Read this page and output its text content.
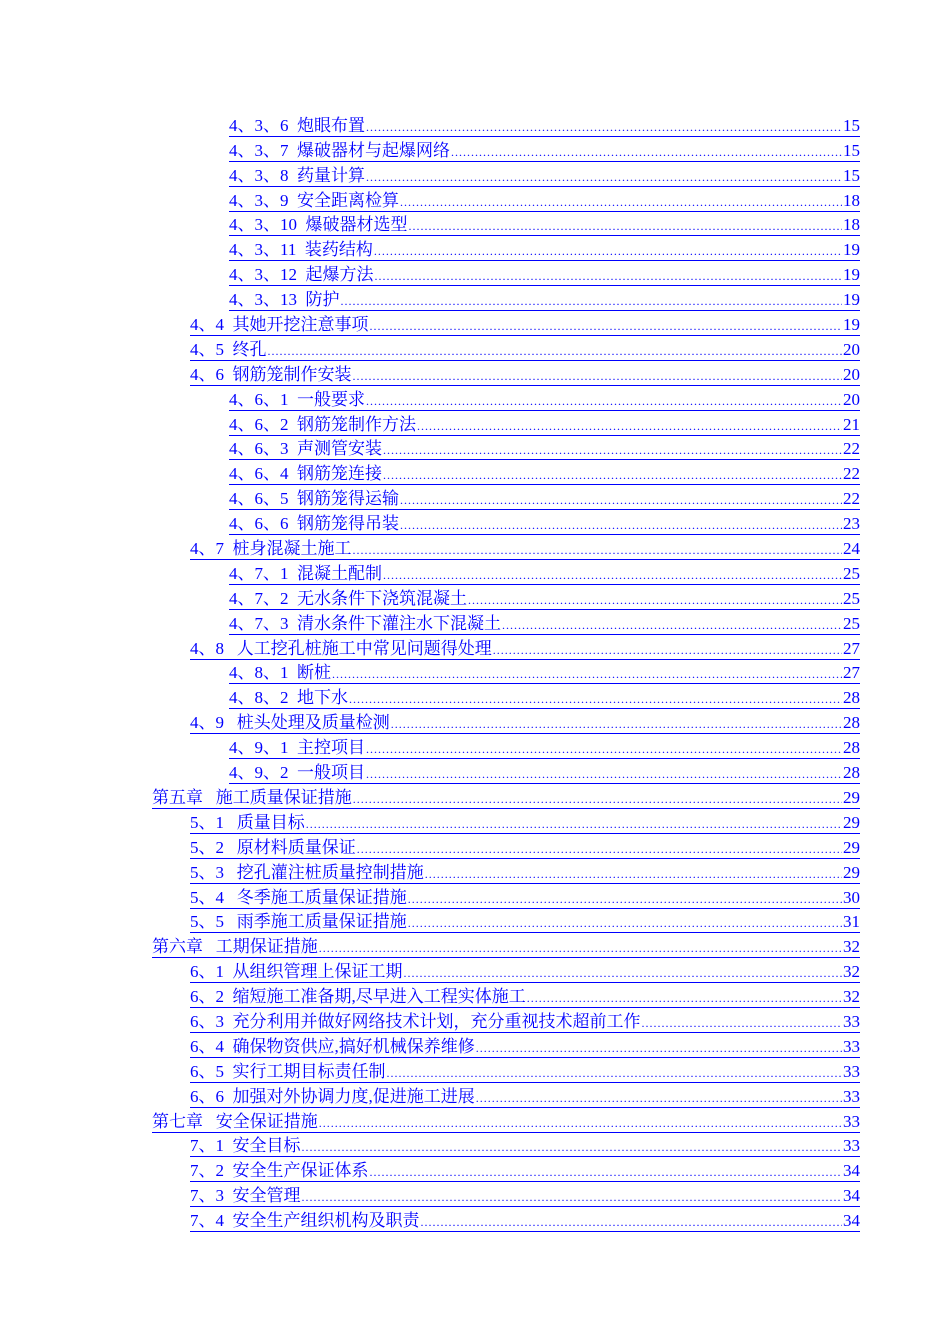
4、3、6  炮眼布置 .....	15
4、3、7  爆破器材与起爆网络 .....	15
4、3、8  药量计算 .....	15
4、3、9  安全距离检算 .....	18
4、3、10  爆破器材选型 .....	18
4、3、11  装药结构 .....	19
4、3、12  起爆方法 .....	19
4、3、13  防护 .....	19
4、4  其她开挖注意事项 .....	19
4、5  终孔 .....	20
4、6  钢筋笼制作安装 .....	20
4、6、1  一般要求 .....	20
4、6、2  钢筋笼制作方法 .....	21
4、6、3  声测管安装 .....	22
4、6、4  钢筋笼连接 .....	22
4、6、5  钢筋笼得运输 .....	22
4、6、6  钢筋笼得吊装 .....	23
4、7  桩身混凝土施工 .....	24
4、7、1  混凝土配制 .....	25
4、7、2  无水条件下浇筑混凝土 .....	25
4、7、3  清水条件下灌注水下混凝土 .....	25
4、8   人工挖孔桩施工中常见问题得处理 .....	27
4、8、1  断桩 .....	27
4、8、2  地下水 .....	28
4、9   桩头处理及质量检测 .....	28
4、9、1  主控项目 .....	28
4、9、2  一般项目 .....	28
第五章   施工质量保证措施 .....	29
5、1   质量目标 .....	29
5、2   原材料质量保证 .....	29
5、3   挖孔灌注桩质量控制措施 .....	29
5、4   冬季施工质量保证措施 .....	30
5、5   雨季施工质量保证措施 .....	31
第六章   工期保证措施 .....	32
6、1  从组织管理上保证工期 .....	32
6、2  缩短施工准备期,尽早进入工程实体施工 .....	32
6、3  充分利用并做好网络技术计划，充分重视技术超前工作 .....	33
6、4  确保物资供应,搞好机械保养维修 .....	33
6、5  实行工期目标责任制 .....	33
6、6  加强对外协调力度,促进施工进展 .....	33
第七章   安全保证措施 .....	33
7、1  安全目标 .....	33
7、2  安全生产保证体系 .....	34
7、3  安全管理 .....	34
7、4  安全生产组织机构及职责 .....	34
